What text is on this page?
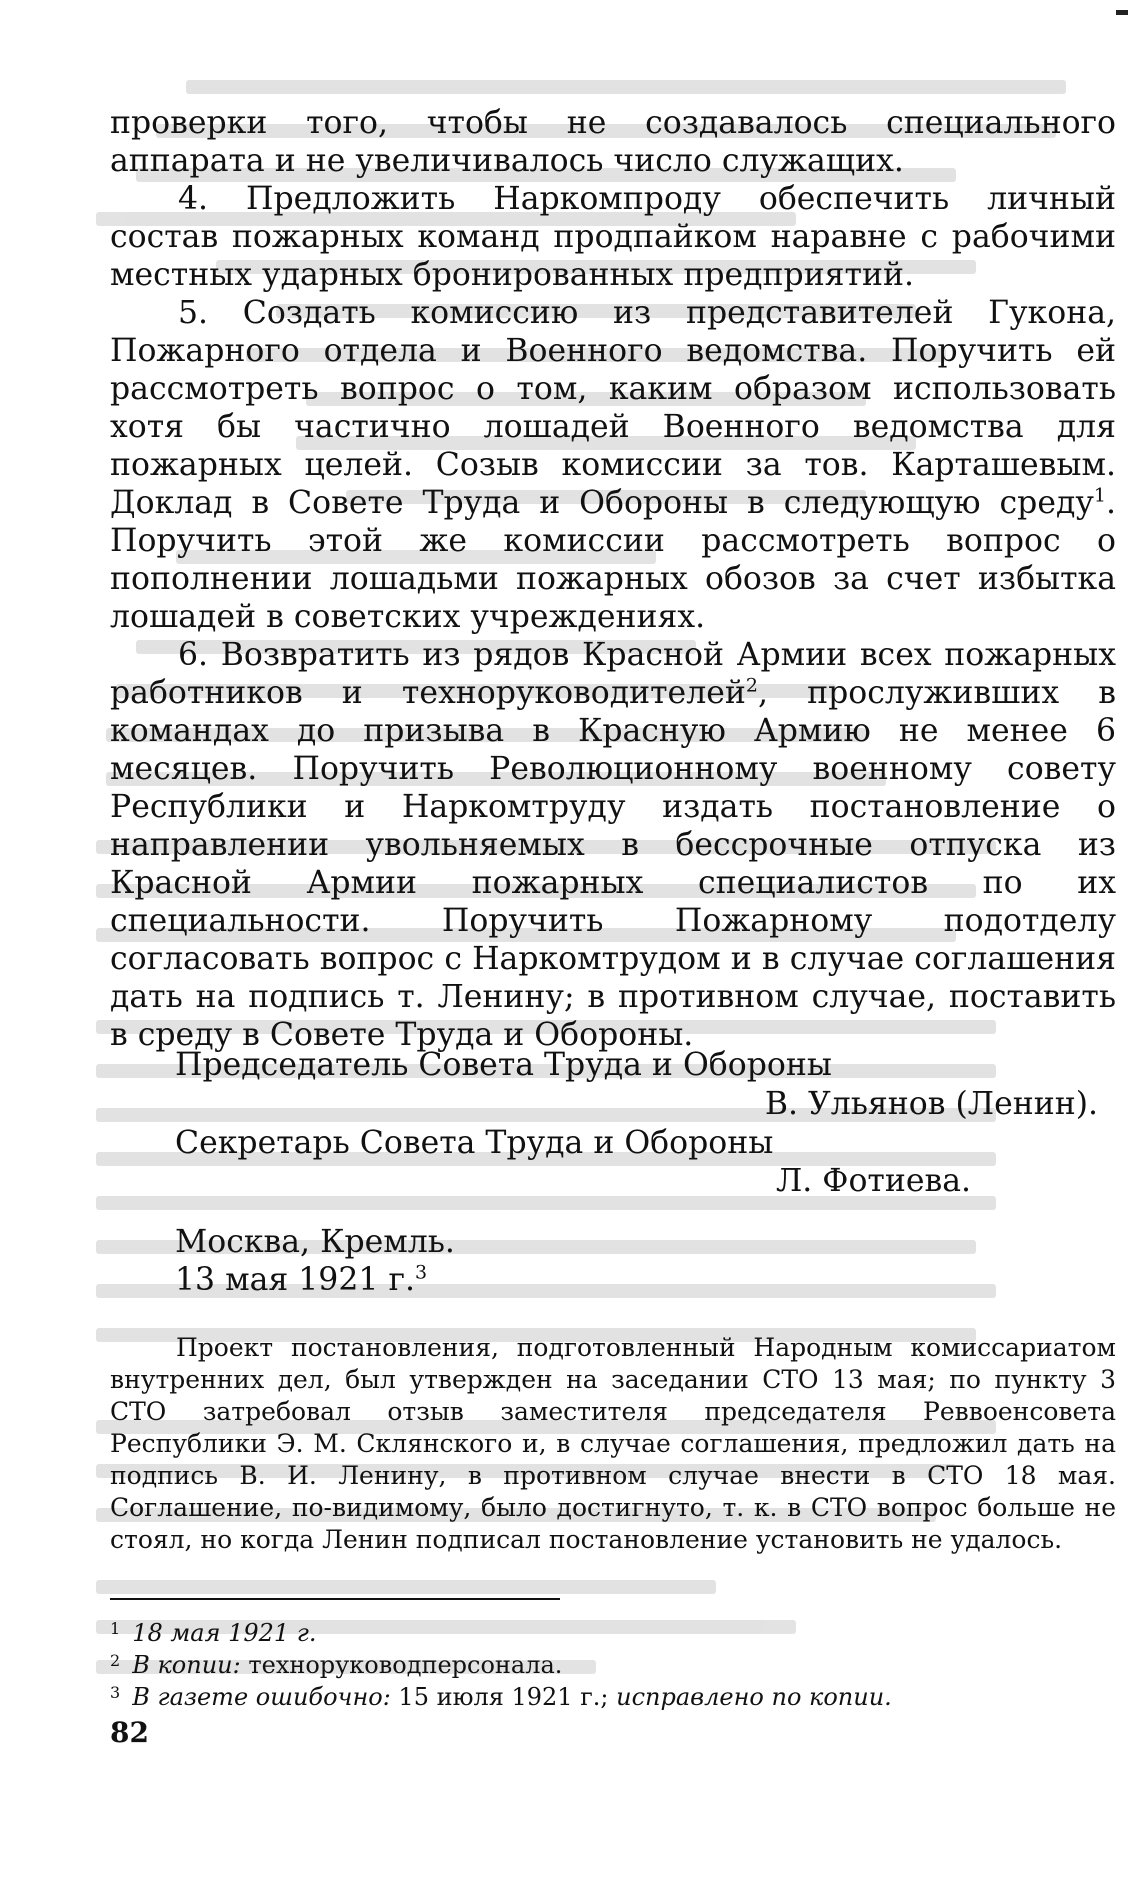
проверки того, чтобы не создавалось специального аппарата и не увеличивалось число служащих.

4. Предложить Наркомпроду обеспечить личный состав пожарных команд продпайком наравне с рабочими местных ударных бронированных предприятий.

5. Создать комиссию из представителей Гукона, Пожарного отдела и Военного ведомства. Поручить ей рассмотреть вопрос о том, каким образом использовать хотя бы частично лошадей Военного ведомства для пожарных целей. Созыв комиссии за тов. Карташевым. Доклад в Совете Труда и Обороны в следующую среду$^1$. Поручить этой же комиссии рассмотреть вопрос о пополнении лошадьми пожарных обозов за счет избытка лошадей в советских учреждениях.

6. Возвратить из рядов Красной Армии всех пожарных работников и техноруководителей$^2$, прослуживших в командах до призыва в Красную Армию не менее 6 месяцев. Поручить Революционному военному совету Республики и Наркомтруду издать постановление о направлении увольняемых в бессрочные отпуска из Красной Армии пожарных специалистов по их специальности. Поручить Пожарному подотделу согласовать вопрос с Наркомтрудом и в случае соглашения дать на подпись т. Ленину; в противном случае, поставить в среду в Совете Труда и Обороны.

Председатель Совета Труда и Обороны
В. Ульянов (Ленин).
Секретарь Совета Труда и Обороны
Л. Фотиева.
Москва, Кремль.
13 мая 1921 г.$^3$

Проект постановления, подготовленный Народным комиссариатом внутренних дел, был утвержден на заседании СТО 13 мая; по пункту 3 СТО затребовал отзыв заместителя председателя Реввоенсовета Республики Э. М. Склянского и, в случае соглашения, предложил дать на подпись В. И. Ленину, в противном случае внести в СТО 18 мая. Соглашение, по-видимому, было достигнуто, т. к. в СТО вопрос больше не стоял, но когда Ленин подписал постановление установить не удалось.

$^1$ 18 мая 1921 г.
$^2$ В копии: техноруководперсонала.
$^3$ В газете ошибочно: 15 июля 1921 г.; исправлено по копии.
82
